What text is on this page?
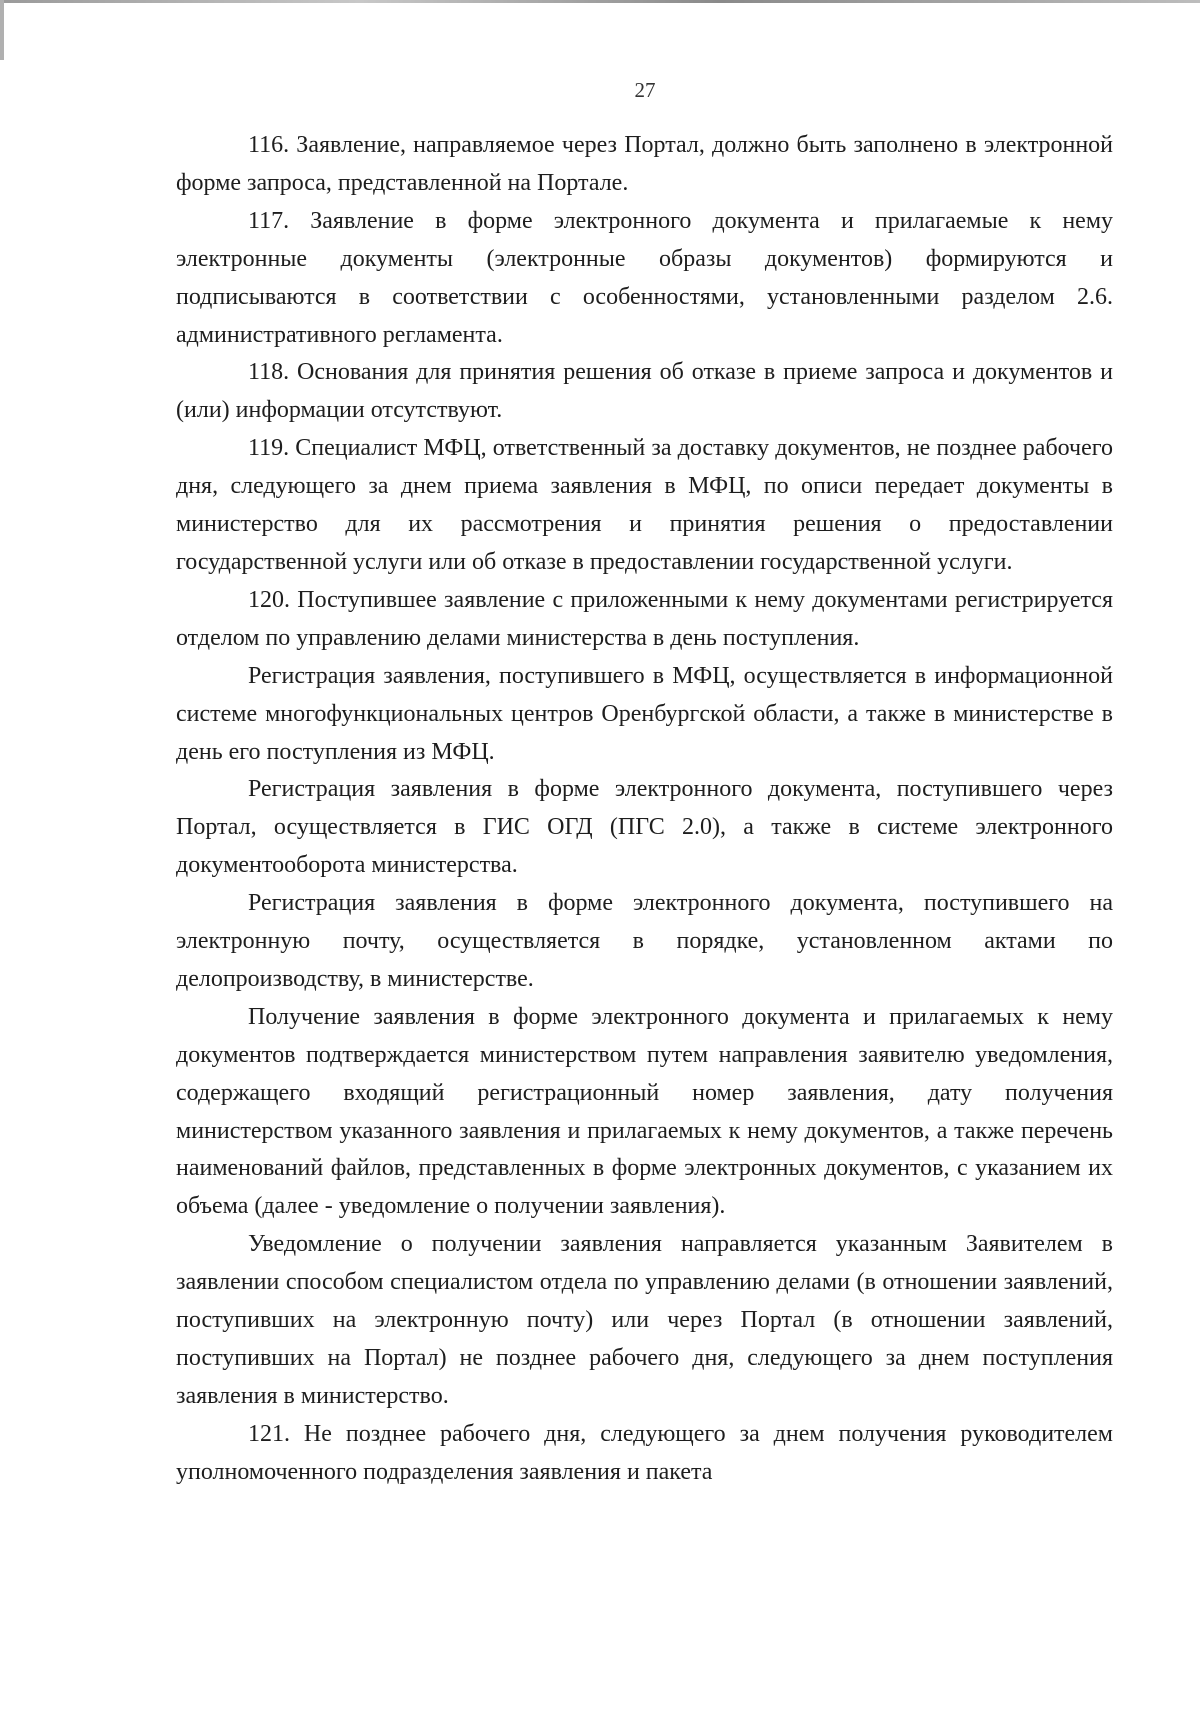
27

116. Заявление, направляемое через Портал, должно быть заполнено в электронной форме запроса, представленной на Портале.

117. Заявление в форме электронного документа и прилагаемые к нему электронные документы (электронные образы документов) формируются и подписываются в соответствии с особенностями, установленными разделом 2.6. административного регламента.

118. Основания для принятия решения об отказе в приеме запроса и документов и (или) информации отсутствуют.

119. Специалист МФЦ, ответственный за доставку документов, не позднее рабочего дня, следующего за днем приема заявления в МФЦ, по описи передает документы в министерство для их рассмотрения и принятия решения о предоставлении государственной услуги или об отказе в предоставлении государственной услуги.

120. Поступившее заявление с приложенными к нему документами регистрируется отделом по управлению делами министерства в день поступления.

Регистрация заявления, поступившего в МФЦ, осуществляется в информационной системе многофункциональных центров Оренбургской области, а также в министерстве в день его поступления из МФЦ.

Регистрация заявления в форме электронного документа, поступившего через Портал, осуществляется в ГИС ОГД (ПГС 2.0), а также в системе электронного документооборота министерства.

Регистрация заявления в форме электронного документа, поступившего на электронную почту, осуществляется в порядке, установленном актами по делопроизводству, в министерстве.

Получение заявления в форме электронного документа и прилагаемых к нему документов подтверждается министерством путем направления заявителю уведомления, содержащего входящий регистрационный номер заявления, дату получения министерством указанного заявления и прилагаемых к нему документов, а также перечень наименований файлов, представленных в форме электронных документов, с указанием их объема (далее - уведомление о получении заявления).

Уведомление о получении заявления направляется указанным Заявителем в заявлении способом специалистом отдела по управлению делами (в отношении заявлений, поступивших на электронную почту) или через Портал (в отношении заявлений, поступивших на Портал) не позднее рабочего дня, следующего за днем поступления заявления в министерство.

121. Не позднее рабочего дня, следующего за днем получения руководителем уполномоченного подразделения заявления и пакета
